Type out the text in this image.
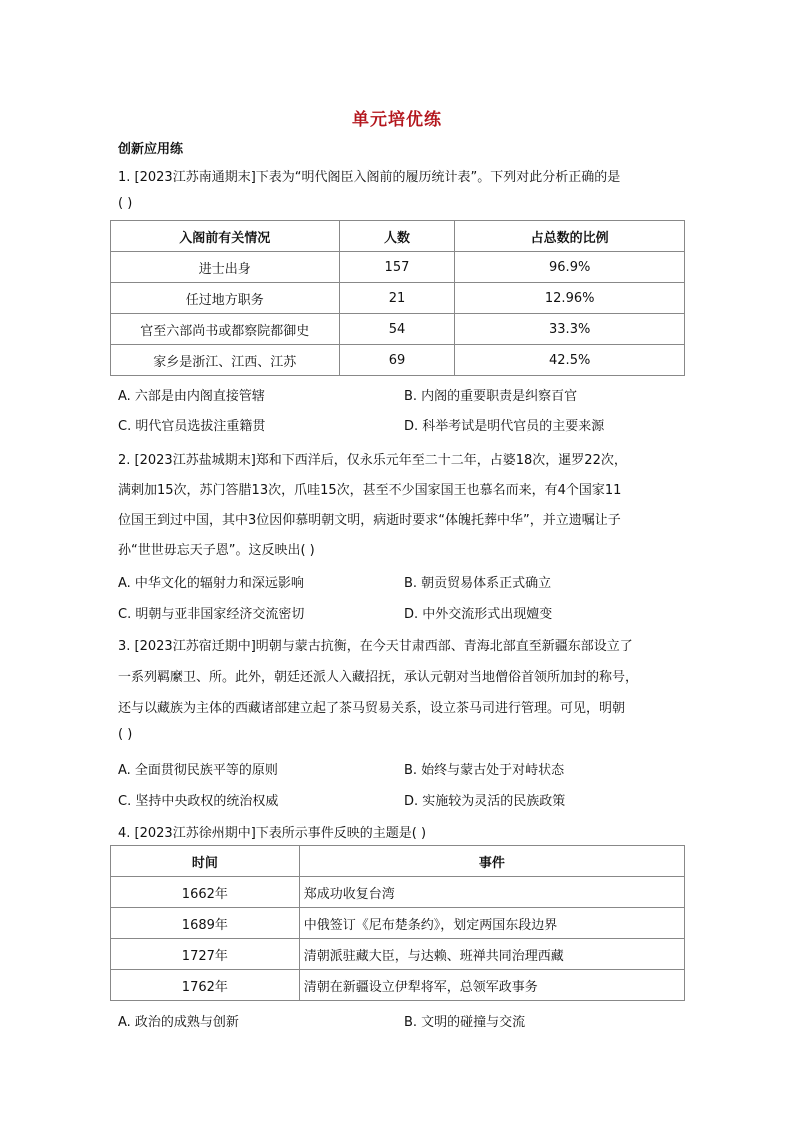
单元培优练
创新应用练
1. [2023江苏南通期末]下表为“明代阁臣入阁前的履历统计表”。下列对此分析正确的是
( )
入阁前有关情况	人数	占总数的比例
进士出身	157	96.9%
任过地方职务	21	12.96%
官至六部尚书或都察院都御史	54	33.3%
家乡是浙江、江西、江苏	69	42.5%
A. 六部是由内阁直接管辖	B. 内阁的重要职责是纠察百官
C. 明代官员选拔注重籍贯	D. 科举考试是明代官员的主要来源
2. [2023江苏盐城期末]郑和下西洋后，仅永乐元年至二十二年，占婆18次，暹罗22次，
满剌加15次，苏门答腊13次，爪哇15次，甚至不少国家国王也慕名而来，有4个国家11
位国王到过中国，其中3位因仰慕明朝文明，病逝时要求“体魄托葬中华”，并立遗嘱让子
孙“世世毋忘天子恩”。这反映出( )
A. 中华文化的辐射力和深远影响	B. 朝贡贸易体系正式确立
C. 明朝与亚非国家经济交流密切	D. 中外交流形式出现嬗变
3. [2023江苏宿迁期中]明朝与蒙古抗衡，在今天甘肃西部、青海北部直至新疆东部设立了
一系列羁縻卫、所。此外，朝廷还派人入藏招抚，承认元朝对当地僧俗首领所加封的称号，
还与以藏族为主体的西藏诸部建立起了茶马贸易关系，设立茶马司进行管理。可见，明朝
( )
A. 全面贯彻民族平等的原则	B. 始终与蒙古处于对峙状态
C. 坚持中央政权的统治权威	D. 实施较为灵活的民族政策
4. [2023江苏徐州期中]下表所示事件反映的主题是( )
时间	事件
1662年	郑成功收复台湾
1689年	中俄签订《尼布楚条约》，划定两国东段边界
1727年	清朝派驻藏大臣，与达赖、班禅共同治理西藏
1762年	清朝在新疆设立伊犁将军，总领军政事务
A. 政治的成熟与创新	B. 文明的碰撞与交流
